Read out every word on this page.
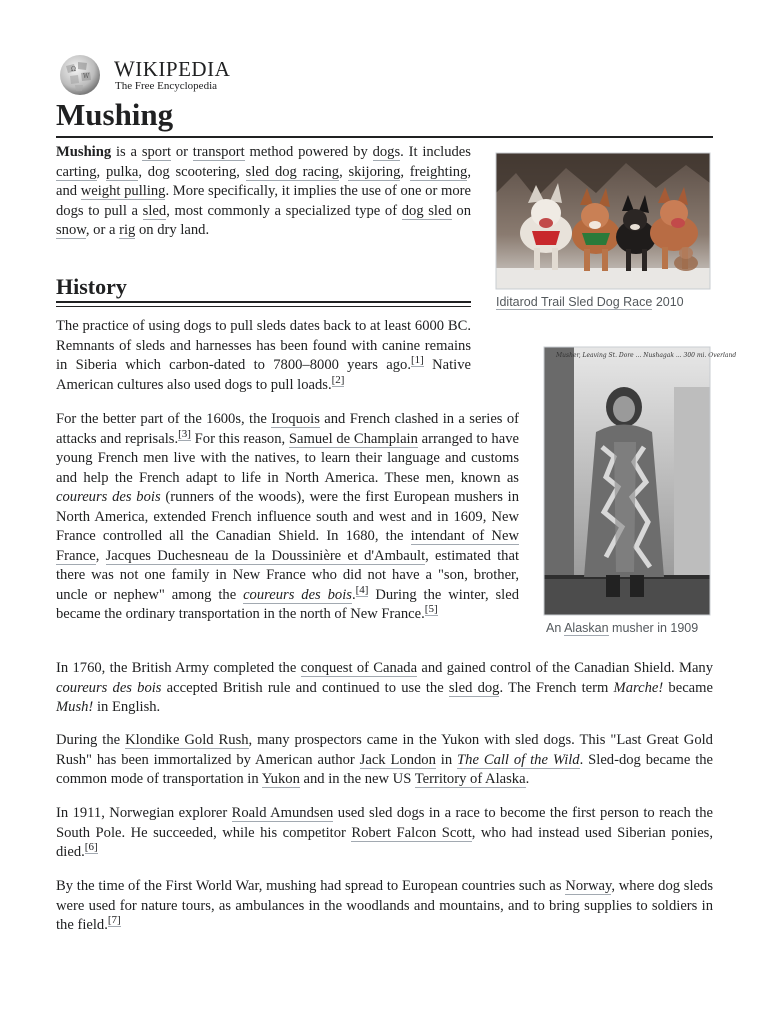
Ω
W WIKIPEDIA
The Free Encyclopedia
Mushing

Mushing is a sport or transport method powered by dogs. It includes carting, pulka, dog scootering, sled dog racing, skijoring, freighting, and weight pulling. More specifically, it implies the use of one or more dogs to pull a sled, most commonly a specialized type of dog sled on snow, or a rig on dry land.

Iditarod Trail Sled Dog Race 2010
History

The practice of using dogs to pull sleds dates back to at least 6000 BC. Remnants of sleds and harnesses has been found with canine remains in Siberia which carbon-dated to 7800–8000 years ago.[1] Native American cultures also used dogs to pull loads.[2]

Musher, Leaving St. Dore ... Nushagak ... 300 mi. Overland
An Alaskan musher in 1909

For the better part of the 1600s, the Iroquois and French clashed in a series of attacks and reprisals.[3] For this reason, Samuel de Champlain arranged to have young French men live with the natives, to learn their language and customs and help the French adapt to life in North America. These men, known as coureurs des bois (runners of the woods), were the first European mushers in North America, extended French influence south and west and in 1609, New France controlled all the Canadian Shield. In 1680, the intendant of New France, Jacques Duchesneau de la Doussinière et d'Ambault, estimated that there was not one family in New France who did not have a "son, brother, uncle or nephew" among the coureurs des bois.[4] During the winter, sled became the ordinary transportation in the north of New France.[5]

In 1760, the British Army completed the conquest of Canada and gained control of the Canadian Shield. Many coureurs des bois accepted British rule and continued to use the sled dog. The French term Marche! became Mush! in English.

During the Klondike Gold Rush, many prospectors came in the Yukon with sled dogs. This "Last Great Gold Rush" has been immortalized by American author Jack London in The Call of the Wild. Sled-dog became the common mode of transportation in Yukon and in the new US Territory of Alaska.

In 1911, Norwegian explorer Roald Amundsen used sled dogs in a race to become the first person to reach the South Pole. He succeeded, while his competitor Robert Falcon Scott, who had instead used Siberian ponies, died.[6]

By the time of the First World War, mushing had spread to European countries such as Norway, where dog sleds were used for nature tours, as ambulances in the woodlands and mountains, and to bring supplies to soldiers in the field.[7]
